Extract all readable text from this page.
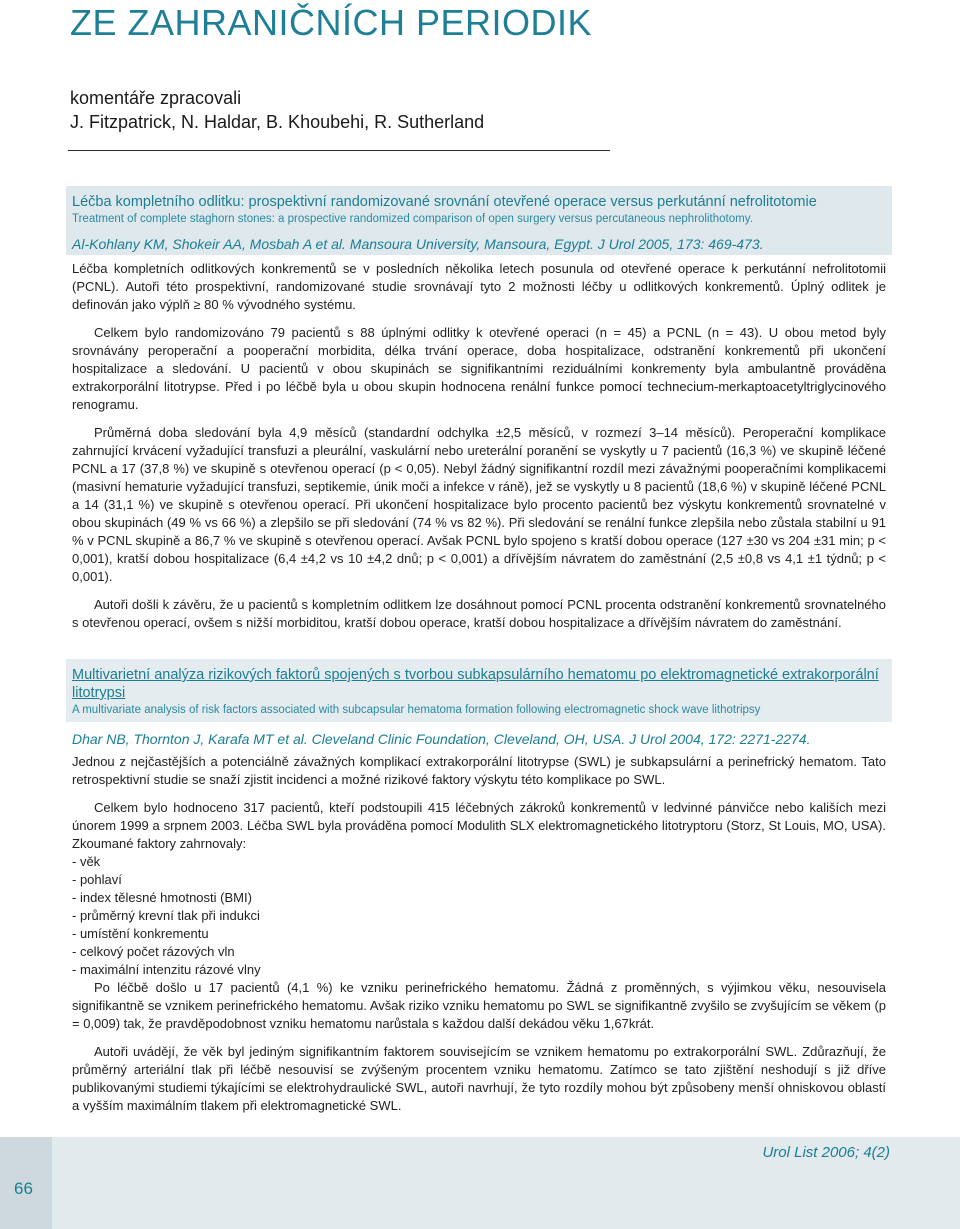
ZE ZAHRANIČNÍCH PERIODIK
komentáře zpracovali
J. Fitzpatrick, N. Haldar, B. Khoubehi, R. Sutherland
Léčba kompletního odlitku: prospektivní randomizované srovnání otevřené operace versus perkutánní nefrolitotomie
Treatment of complete staghorn stones: a prospective randomized comparison of open surgery versus percutaneous nephrolithotomy.
Al-Kohlany KM, Shokeir AA, Mosbah A et al. Mansoura University, Mansoura, Egypt. J Urol 2005, 173: 469-473.

Léčba kompletních odlitkových konkrementů se v posledních několika letech posunula od otevřené operace k perkutánní nefrolitotomii (PCNL). Autoři této prospektivní, randomizované studie srovnávají tyto 2 možnosti léčby u odlitkových konkrementů. Úplný odlitek je definován jako výplň ≥ 80 % vývodného systému.

Celkem bylo randomizováno 79 pacientů s 88 úplnými odlitky k otevřené operaci (n = 45) a PCNL (n = 43). U obou metod byly srovnávány peroperační a pooperační morbidita, délka trvání operace, doba hospitalizace, odstranění konkrementů při ukončení hospitalizace a sledování. U pacientů v obou skupinách se signifikantními reziduálními konkrementy byla ambulantně prováděna extrakorporální litotrypse. Před i po léčbě byla u obou skupin hodnocena renální funkce pomocí technecium-merkaptoacetyltriglycinového renogramu.

Průměrná doba sledování byla 4,9 měsíců (standardní odchylka ±2,5 měsíců, v rozmezí 3–14 měsíců). Peroperační komplikace zahrnující krvácení vyžadující transfuzi a pleurální, vaskulární nebo ureterální poranění se vyskytly u 7 pacientů (16,3 %) ve skupině léčené PCNL a 17 (37,8 %) ve skupině s otevřenou operací (p < 0,05). Nebyl žádný signifikantní rozdíl mezi závažnými pooperačními komplikacemi (masivní hematurie vyžadující transfuzi, septikemie, únik moči a infekce v ráně), jež se vyskytly u 8 pacientů (18,6 %) v skupině léčené PCNL a 14 (31,1 %) ve skupině s otevřenou operací. Při ukončení hospitalizace bylo procento pacientů bez výskytu konkrementů srovnatelné v obou skupinách (49 % vs 66 %) a zlepšilo se při sledování (74 % vs 82 %). Při sledování se renální funkce zlepšila nebo zůstala stabilní u 91 % v PCNL skupině a 86,7 % ve skupině s otevřenou operací. Avšak PCNL bylo spojeno s kratší dobou operace (127 ±30 vs 204 ±31 min; p < 0,001), kratší dobou hospitalizace (6,4 ±4,2 vs 10 ±4,2 dnů; p < 0,001) a dřívějším návratem do zaměstnání (2,5 ±0,8 vs 4,1 ±1 týdnů; p < 0,001).

Autoři došli k závěru, že u pacientů s kompletním odlitkem lze dosáhnout pomocí PCNL procenta odstranění konkrementů srovnatelného s otevřenou operací, ovšem s nižší morbiditou, kratší dobou operace, kratší dobou hospitalizace a dřívějším návratem do zaměstnání.

Multivarietní analýza rizikových faktorů spojených s tvorbou subkapsulárního hematomu po elektromagnetické extrakorporální litotrypsi
A multivariate analysis of risk factors associated with subcapsular hematoma formation following electromagnetic shock wave lithotripsy
Dhar NB, Thornton J, Karafa MT et al. Cleveland Clinic Foundation, Cleveland, OH, USA. J Urol 2004, 172: 2271-2274.

Jednou z nejčastějších a potenciálně závažných komplikací extrakorporální litotrypse (SWL) je subkapsulární a perinefrický hematom. Tato retrospektivní studie se snaží zjistit incidenci a možné rizikové faktory výskytu této komplikace po SWL.

Celkem bylo hodnoceno 317 pacientů, kteří podstoupili 415 léčebných zákroků konkrementů v ledvinné pánvičce nebo kališích mezi únorem 1999 a srpnem 2003. Léčba SWL byla prováděna pomocí Modulith SLX elektromagnetického litotryptoru (Storz, St Louis, MO, USA). Zkoumané faktory zahrnovaly:

- věk
- pohlaví
- index tělesné hmotnosti (BMI)
- průměrný krevní tlak při indukci
- umístění konkrementu
- celkový počet rázových vln
- maximální intenzitu rázové vlny

Po léčbě došlo u 17 pacientů (4,1 %) ke vzniku perinefrického hematomu. Žádná z proměnných, s výjimkou věku, nesouvisela signifikantně se vznikem perinefrického hematomu. Avšak riziko vzniku hematomu po SWL se signifikantně zvyšilo se zvyšujícím se věkem (p = 0,009) tak, že pravděpodobnost vzniku hematomu narůstala s každou další dekádou věku 1,67krát.

Autoři uvádějí, že věk byl jediným signifikantním faktorem souvisejícím se vznikem hematomu po extrakorporální SWL. Zdůrazňují, že průměrný arteriální tlak při léčbě nesouvisí se zvýšeným procentem vzniku hematomu. Zatímco se tato zjištění neshodují s již dříve publikovanými studiemi týkajícími se elektrohydraulické SWL, autoři navrhují, že tyto rozdíly mohou být způsobeny menší ohniskovou oblastí a vyšším maximálním tlakem při elektromagnetické SWL.

66
Urol List 2006; 4(2)
